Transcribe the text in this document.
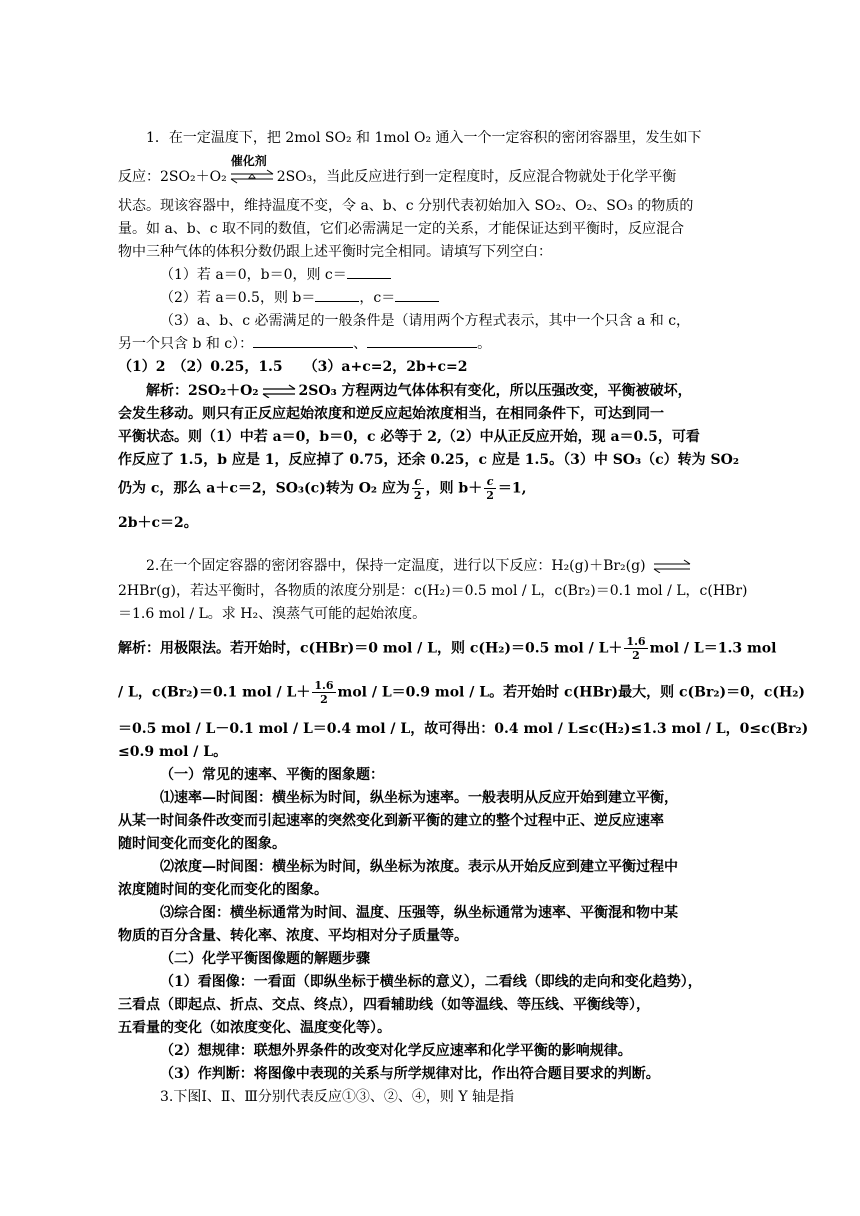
1．在一定温度下，把 2mol SO₂ 和 1mol O₂ 通入一个一定容积的密闭容器里，发生如下
反应：2SO₂＋O₂
催化剂
2SO₃，当此反应进行到一定程度时，反应混合物就处于化学平衡
状态。现该容器中，维持温度不变，令 a、b、c 分别代表初始加入 SO₂、O₂、SO₃ 的物质的
量。如 a、b、c 取不同的数值，它们必需满足一定的关系，才能保证达到平衡时，反应混合
物中三种气体的体积分数仍跟上述平衡时完全相同。请填写下列空白：
（1）若 a＝0，b＝0，则 c＝
（2）若 a＝0.5，则 b＝	，c＝
（3）a、b、c 必需满足的一般条件是（请用两个方程式表示，其中一个只含 a 和 c，
另一个只含 b 和 c）：	、	。
（1）2　（2）0.25，1.5　　（3）a+c=2，2b+c=2
解析：2SO₂＋O₂ ⇌ 2SO₃ 方程两边气体体积有变化，所以压强改变，平衡被破坏，
会发生移动。则只有正反应起始浓度和逆反应起始浓度相当，在相同条件下，可达到同一
平衡状态。则（1）中若 a＝0，b＝0，c 必等于 2,（2）中从正反应开始，现 a＝0.5，可看
作反应了 1.5，b 应是 1，反应掉了 0.75，还余 0.25，c 应是 1.5。（3）中 SO₃（c）转为 SO₂
仍为 c，那么 a＋c＝2，SO₃(c)转为 O₂ 应为 $\frac{c}{2}$ ，则 $b+ \frac{c}{2} =1$,
2b＋c＝2。
2.在一个固定容器的密闭容器中，保持一定温度，进行以下反应：H₂(g)＋Br₂(g) ⇌
2HBr(g)，若达平衡时，各物质的浓度分别是：c(H₂)＝0.5 mol / L，c(Br₂)＝0.1 mol / L，c(HBr)
＝1.6 mol / L。求 H₂、溴蒸气可能的起始浓度。
解析：用极限法。若开始时，c(HBr)＝0 mol / L，则 c(H₂)＝0.5 mol / $L+ \frac{1.6}{2}$ mol / L＝1.3 mol
/ L，c(Br₂)＝0.1 mol / $L+ \frac{1.6}{2}$ mol / L＝0.9 mol / L。若开始时 c(HBr)最大，则 c(Br₂)＝0，c(H₂)
＝0.5 mol / L－0.1 mol / L＝0.4 mol / L，故可得出：0.4 mol / L≤c(H₂)≤1.3 mol / L，0≤c(Br₂)
≤0.9 mol / L。
（一）常见的速率、平衡的图象题：
⑴速率—时间图：横坐标为时间，纵坐标为速率。一般表明从反应开始到建立平衡，
从某一时间条件改变而引起速率的突然变化到新平衡的建立的整个过程中正、逆反应速率
随时间变化而变化的图象。
⑵浓度—时间图：横坐标为时间，纵坐标为浓度。表示从开始反应到建立平衡过程中
浓度随时间的变化而变化的图象。
⑶综合图：横坐标通常为时间、温度、压强等，纵坐标通常为速率、平衡混和物中某
物质的百分含量、转化率、浓度、平均相对分子质量等。
（二）化学平衡图像题的解题步骤
（1）看图像：一看面（即纵坐标于横坐标的意义），二看线（即线的走向和变化趋势），
三看点（即起点、折点、交点、终点），四看辅助线（如等温线、等压线、平衡线等），
五看量的变化（如浓度变化、温度变化等）。
（2）想规律：联想外界条件的改变对化学反应速率和化学平衡的影响规律。
（3）作判断：将图像中表现的关系与所学规律对比，作出符合题目要求的判断。
3.下图Ⅰ、Ⅱ、Ⅲ分别代表反应①③、②、④，则 Y 轴是指
